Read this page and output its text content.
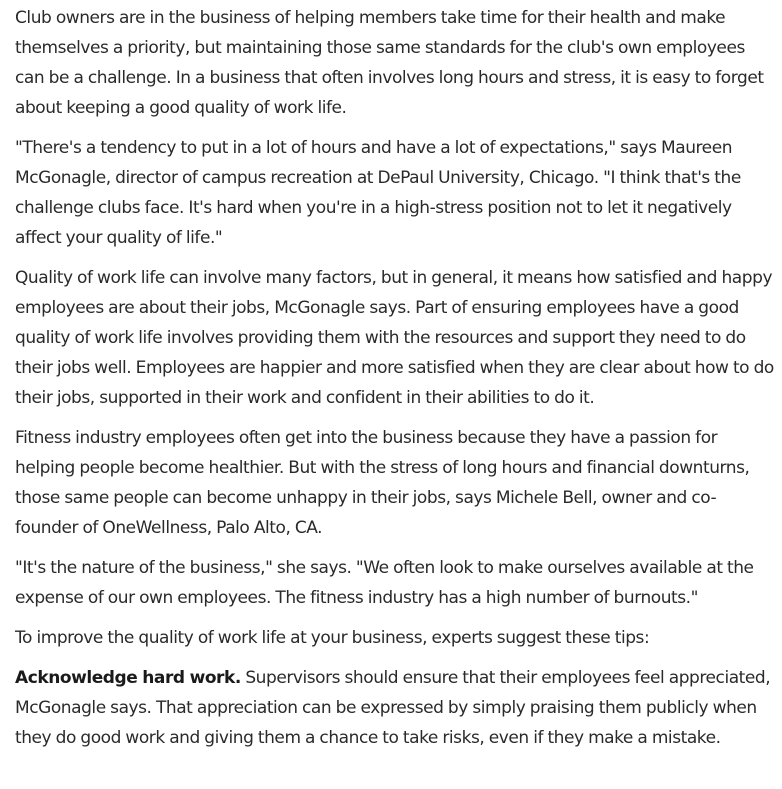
Club owners are in the business of helping members take time for their health and make themselves a priority, but maintaining those same standards for the club's own employees can be a challenge. In a business that often involves long hours and stress, it is easy to forget about keeping a good quality of work life.

"There's a tendency to put in a lot of hours and have a lot of expectations," says Maureen McGonagle, director of campus recreation at DePaul University, Chicago. "I think that's the challenge clubs face. It's hard when you're in a high-stress position not to let it negatively affect your quality of life."

Quality of work life can involve many factors, but in general, it means how satisfied and happy employees are about their jobs, McGonagle says. Part of ensuring employees have a good quality of work life involves providing them with the resources and support they need to do their jobs well. Employees are happier and more satisfied when they are clear about how to do their jobs, supported in their work and confident in their abilities to do it.

Fitness industry employees often get into the business because they have a passion for helping people become healthier. But with the stress of long hours and financial downturns, those same people can become unhappy in their jobs, says Michele Bell, owner and co-founder of OneWellness, Palo Alto, CA.

"It's the nature of the business," she says. "We often look to make ourselves available at the expense of our own employees. The fitness industry has a high number of burnouts."

To improve the quality of work life at your business, experts suggest these tips:

Acknowledge hard work. Supervisors should ensure that their employees feel appreciated, McGonagle says. That appreciation can be expressed by simply praising them publicly when they do good work and giving them a chance to take risks, even if they make a mistake.
